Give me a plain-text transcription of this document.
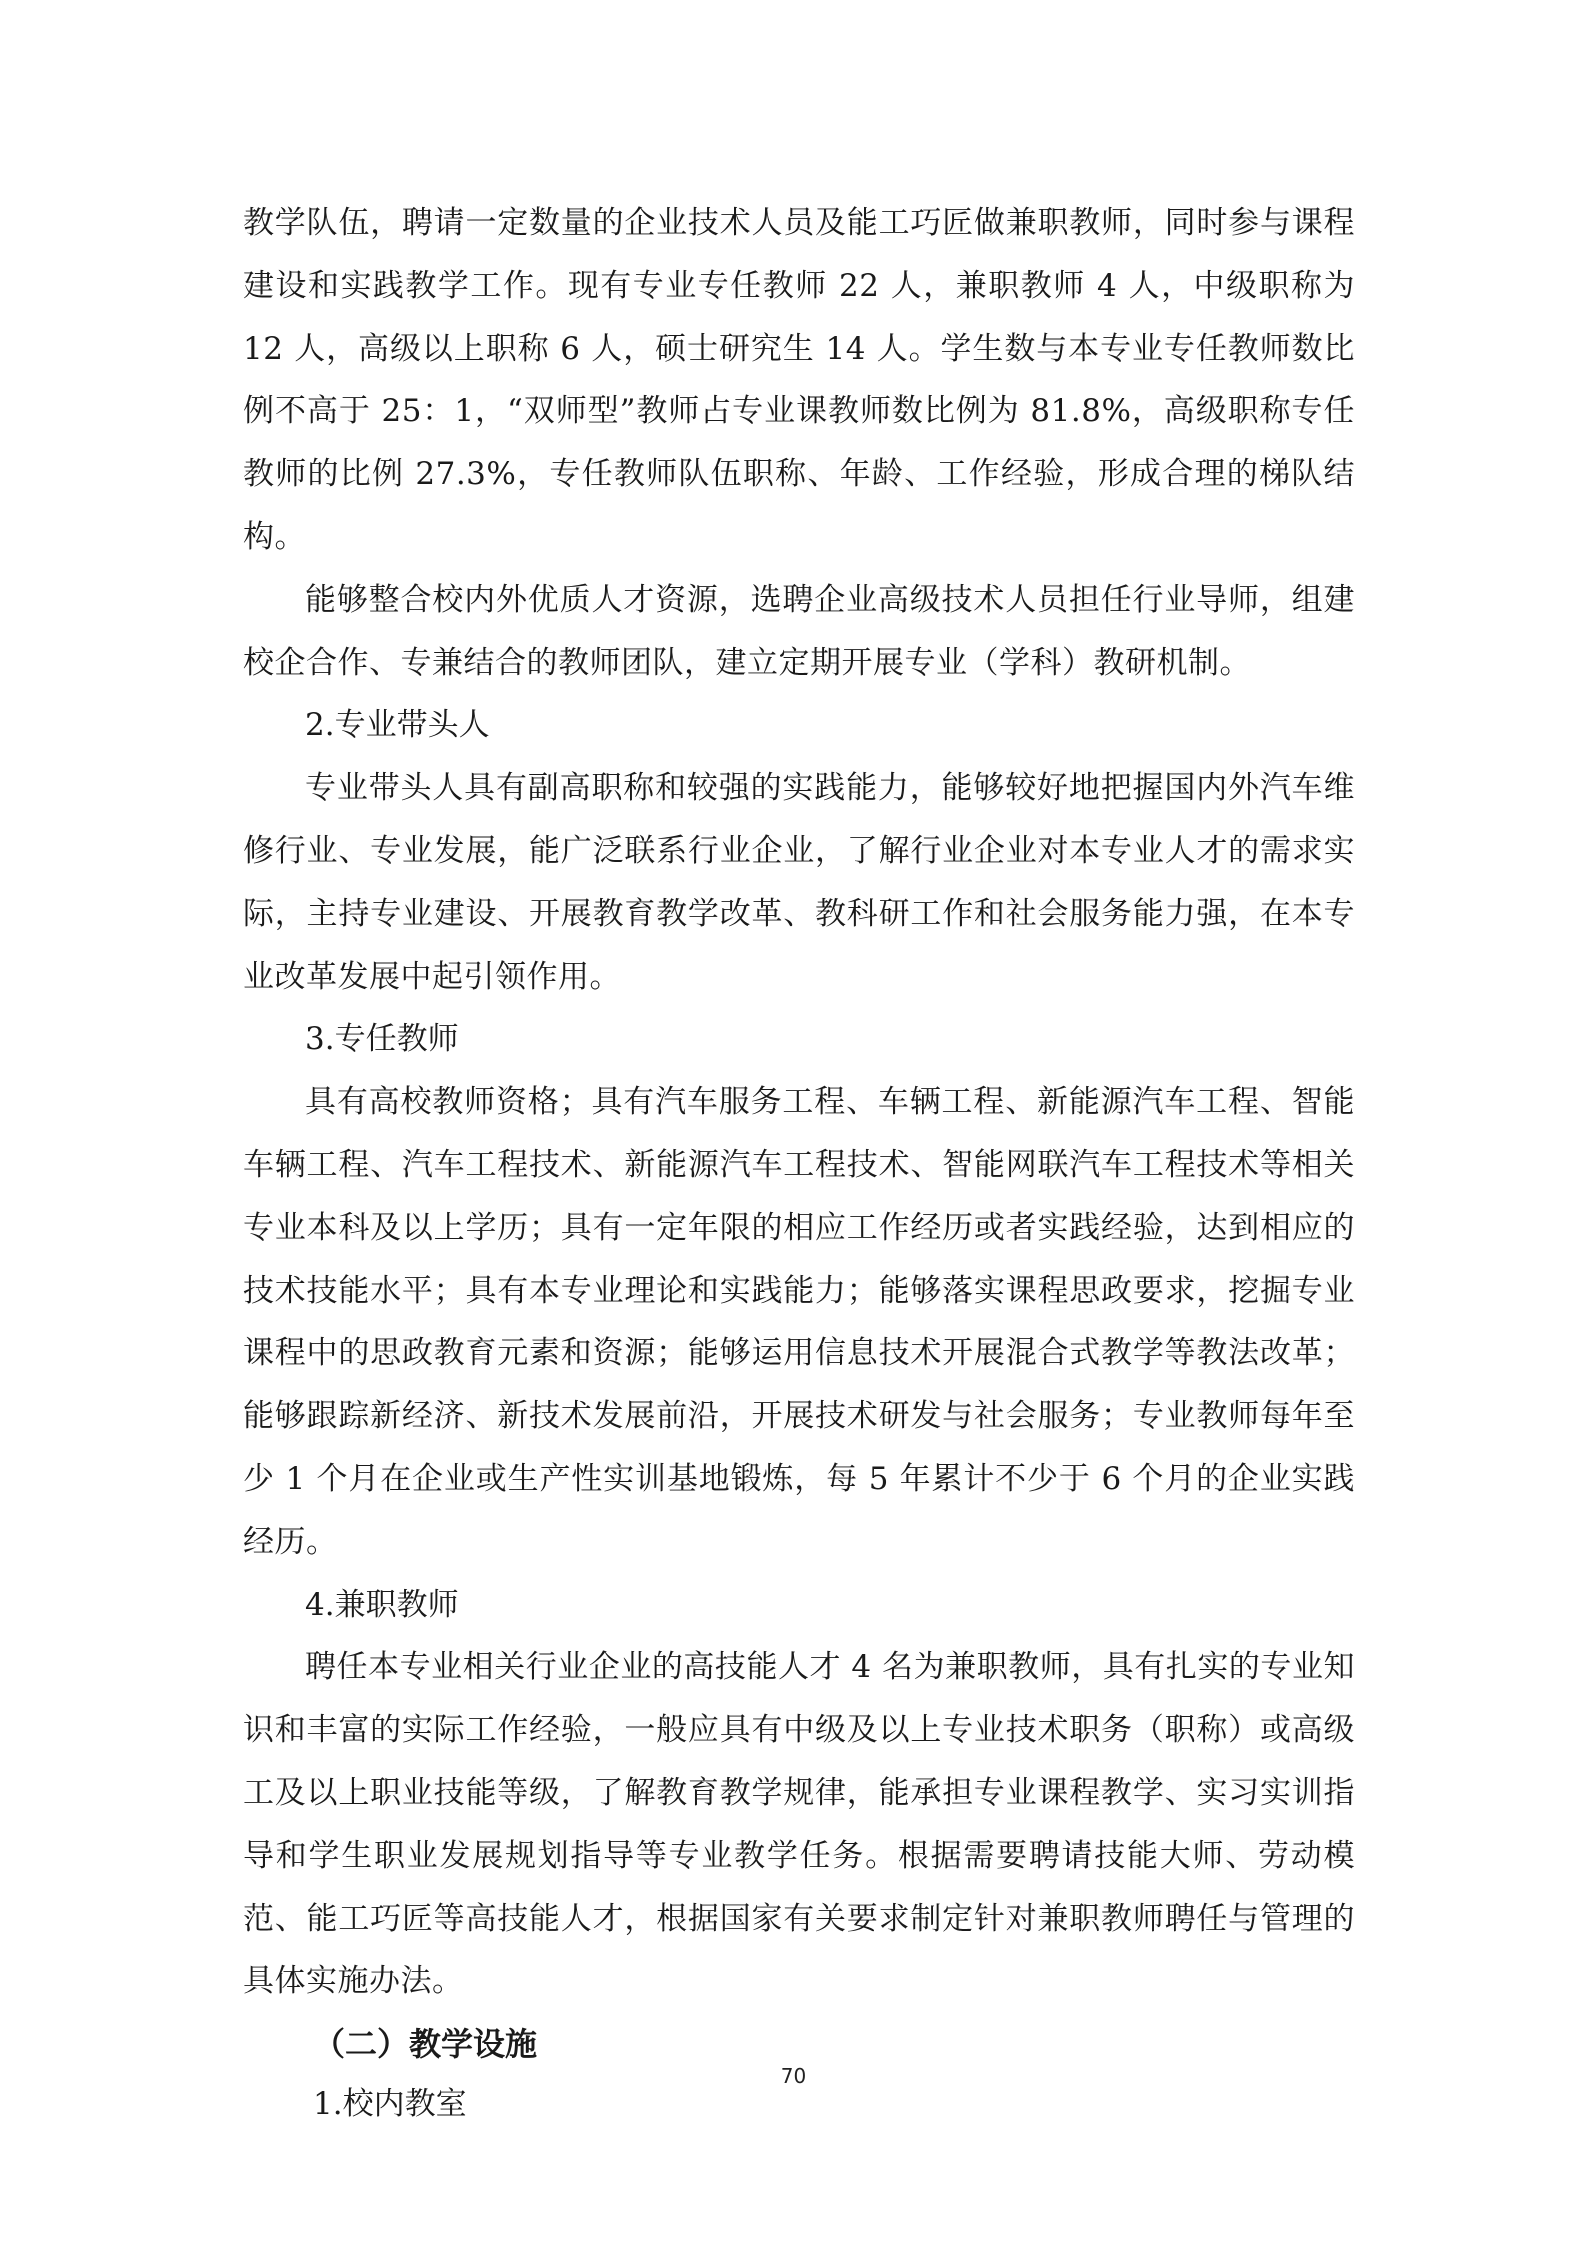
教学队伍，聘请一定数量的企业技术人员及能工巧匠做兼职教师，同时参与课程建设和实践教学工作。现有专业专任教师 22 人，兼职教师 4 人，中级职称为 12 人，高级以上职称 6 人，硕士研究生 14 人。学生数与本专业专任教师数比例不高于 25：1，“双师型”教师占专业课教师数比例为 81.8%，高级职称专任教师的比例 27.3%，专任教师队伍职称、年龄、工作经验，形成合理的梯队结构。

能够整合校内外优质人才资源，选聘企业高级技术人员担任行业导师，组建校企合作、专兼结合的教师团队，建立定期开展专业（学科）教研机制。

2.专业带头人

专业带头人具有副高职称和较强的实践能力，能够较好地把握国内外汽车维修行业、专业发展，能广泛联系行业企业，了解行业企业对本专业人才的需求实际，主持专业建设、开展教育教学改革、教科研工作和社会服务能力强，在本专业改革发展中起引领作用。

3.专任教师

具有高校教师资格；具有汽车服务工程、车辆工程、新能源汽车工程、智能车辆工程、汽车工程技术、新能源汽车工程技术、智能网联汽车工程技术等相关专业本科及以上学历；具有一定年限的相应工作经历或者实践经验，达到相应的技术技能水平；具有本专业理论和实践能力；能够落实课程思政要求，挖掘专业课程中的思政教育元素和资源；能够运用信息技术开展混合式教学等教法改革；能够跟踪新经济、新技术发展前沿，开展技术研发与社会服务；专业教师每年至少 1 个月在企业或生产性实训基地锻炼，每 5 年累计不少于 6 个月的企业实践经历。

4.兼职教师

聘任本专业相关行业企业的高技能人才 4 名为兼职教师，具有扎实的专业知识和丰富的实际工作经验，一般应具有中级及以上专业技术职务（职称）或高级工及以上职业技能等级，了解教育教学规律，能承担专业课程教学、实习实训指导和学生职业发展规划指导等专业教学任务。根据需要聘请技能大师、劳动模范、能工巧匠等高技能人才，根据国家有关要求制定针对兼职教师聘任与管理的具体实施办法。

（二）教学设施

1.校内教室

70
